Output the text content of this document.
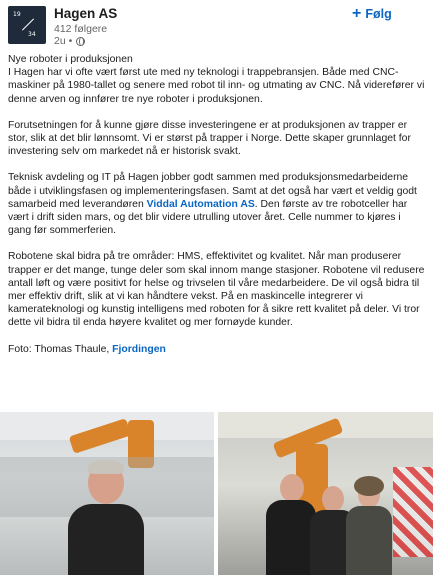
19
34
Hagen AS
412 følgere
2u •
+ Følg

Nye roboter i produksjonen

I Hagen har vi ofte vært først ute med ny teknologi i trappebransjen. Både med CNC-maskiner på 1980-tallet og senere med robot til inn- og utmating av CNC. Nå viderefører vi denne arven og innfører tre nye roboter i produksjonen.

Forutsetningen for å kunne gjøre disse investeringene er at produksjonen av trapper er stor, slik at det blir lønnsomt. Vi er størst på trapper i Norge. Dette skaper grunnlaget for investering selv om markedet nå er historisk svakt.

Teknisk avdeling og IT på Hagen jobber godt sammen med produksjonsmedarbeiderne både i utviklingsfasen og implementeringsfasen. Samt at det også har vært et veldig godt samarbeid med leverandøren Viddal Automation AS. Den første av tre robotceller har vært i drift siden mars, og det blir videre utrulling utover året. Celle nummer to kjøres i gang før sommerferien.

Robotene skal bidra på tre områder: HMS, effektivitet og kvalitet. Når man produserer trapper er det mange, tunge deler som skal innom mange stasjoner. Robotene vil redusere antall løft og være positivt for helse og trivselen til våre medarbeidere. De vil også bidra til mer effektiv drift, slik at vi kan håndtere vekst. På en maskincelle integrerer vi kamerateknologi og kunstig intelligens med roboten for å sikre rett kvalitet på deler. Vi tror dette vil bidra til enda høyere kvalitet og mer fornøyde kunder.

Foto: Thomas Thaule, Fjordingen
